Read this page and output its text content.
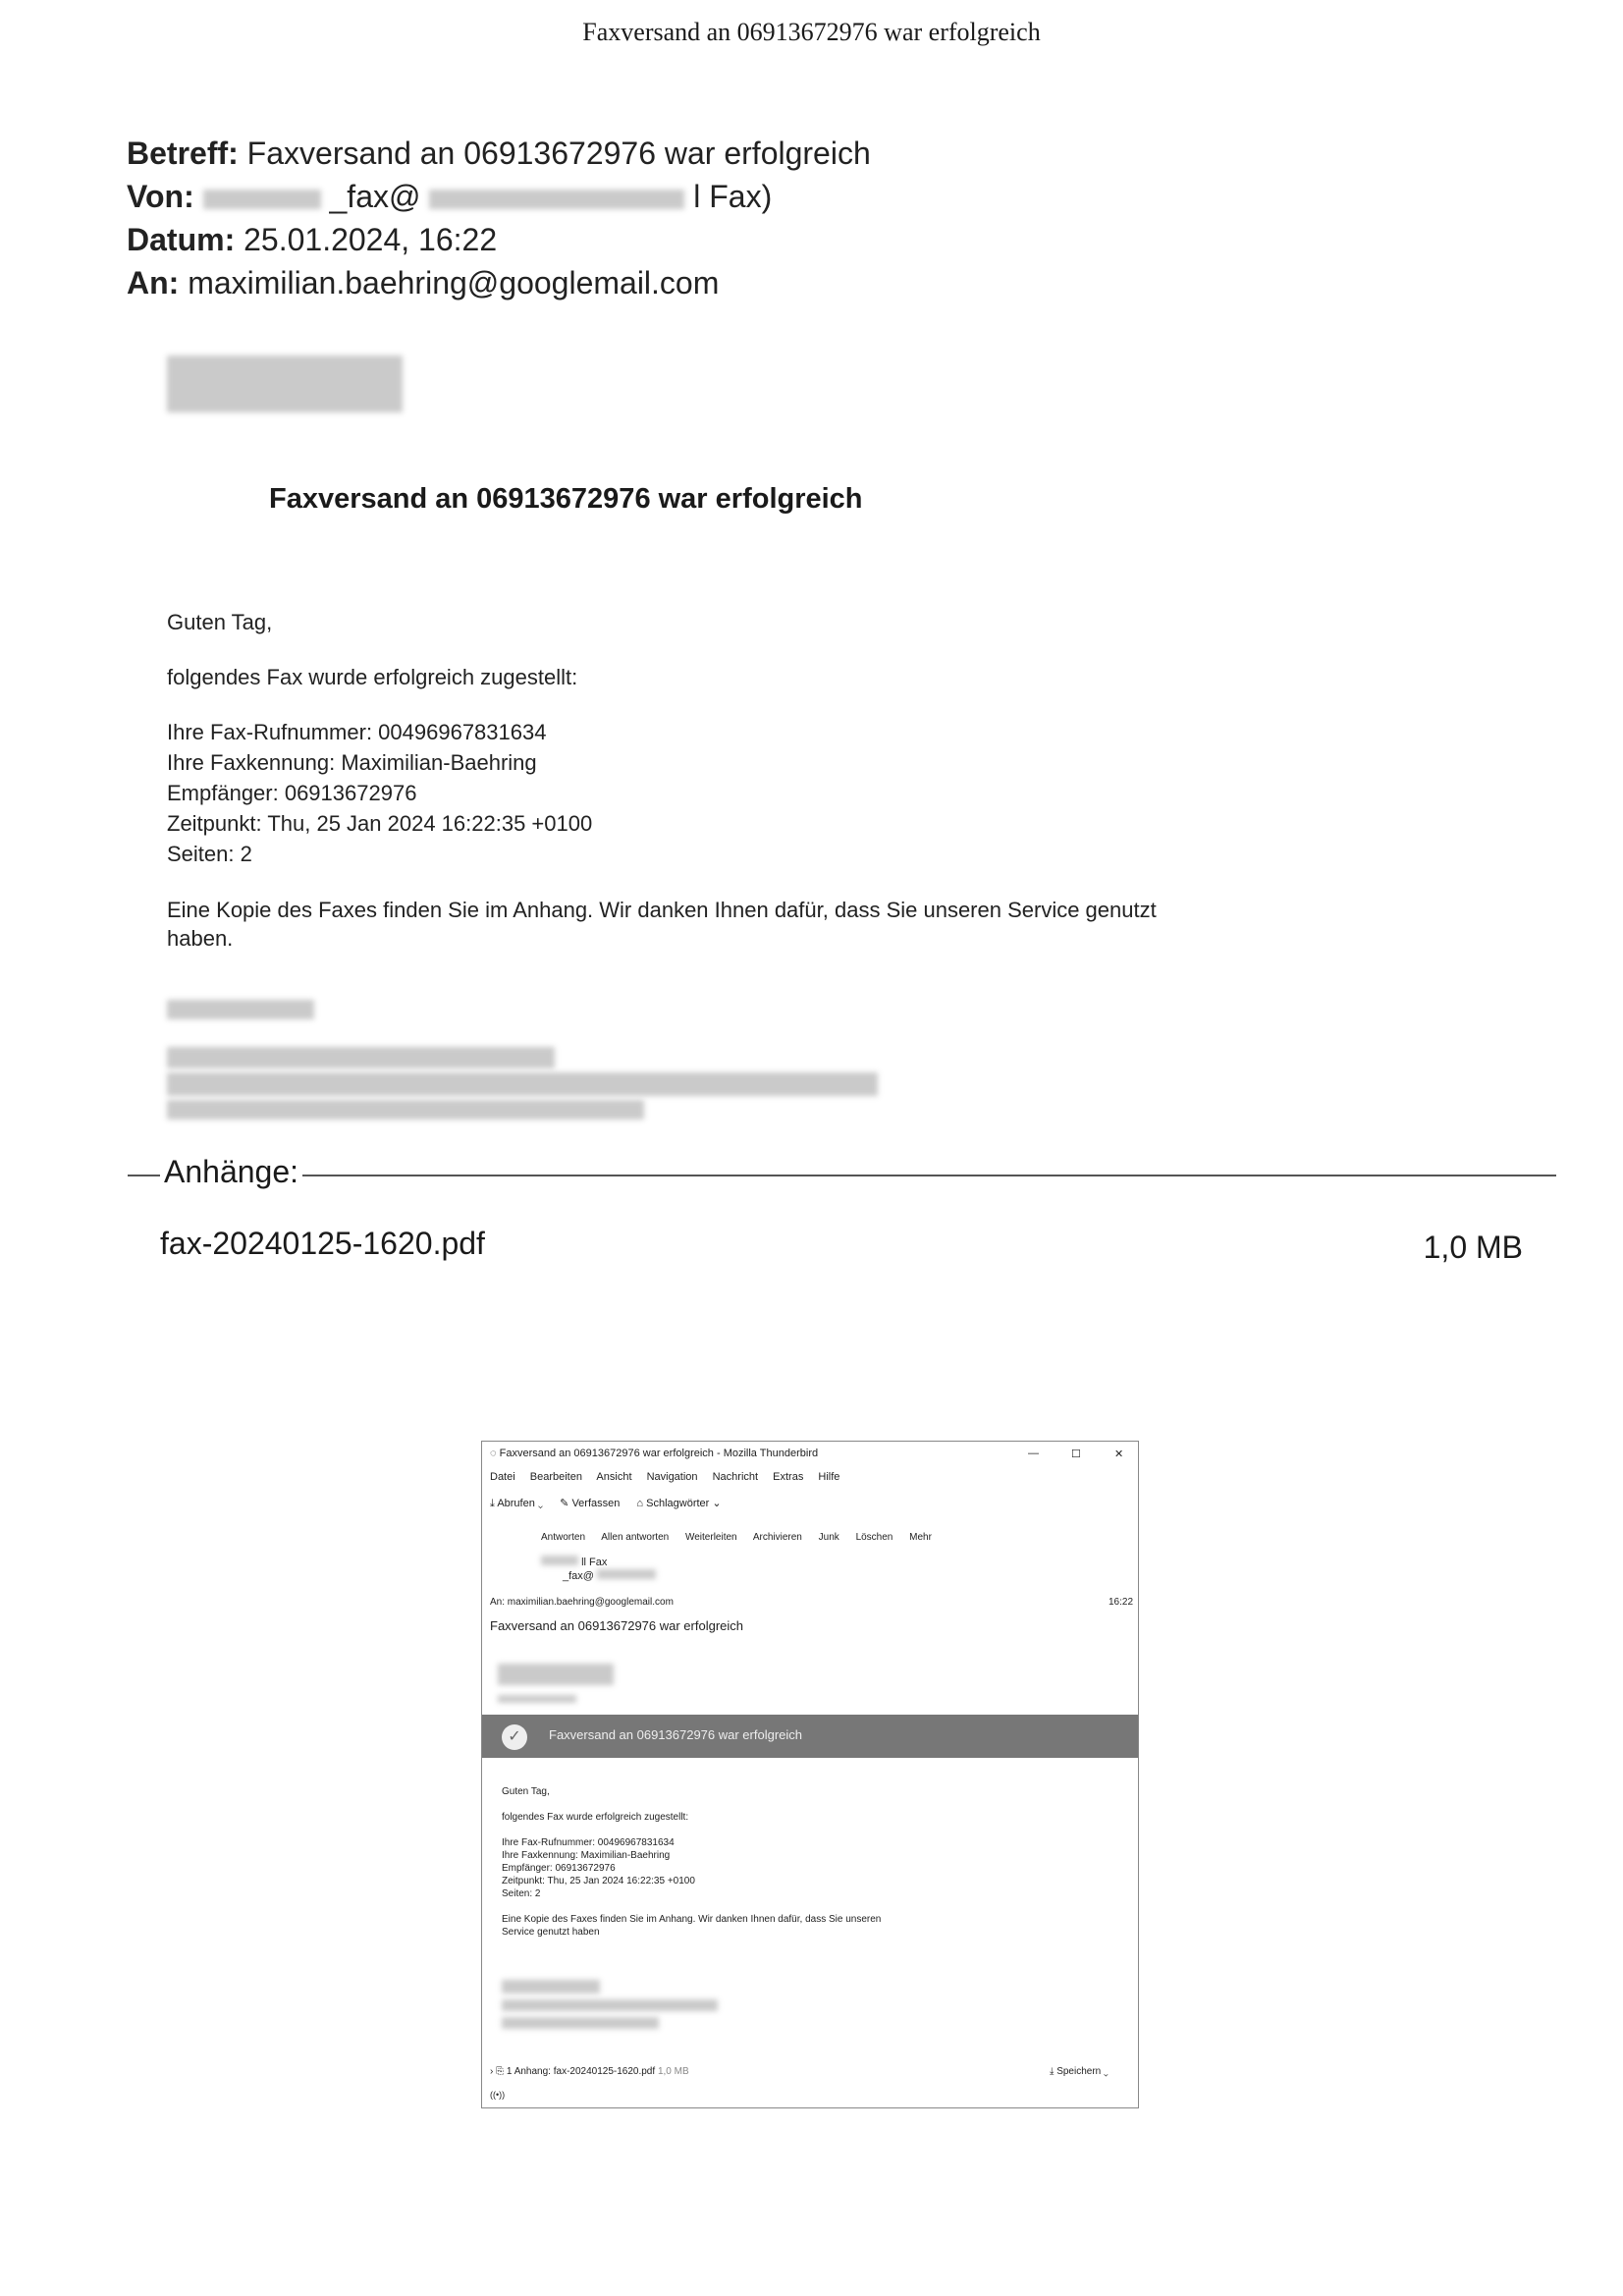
Faxversand an 06913672976 war erfolgreich
Betreff: Faxversand an 06913672976 war erfolgreich
Von:	_fax@	l Fax)
Datum: 25.01.2024, 16:22
An: maximilian.baehring@googlemail.com
Faxversand an 06913672976 war erfolgreich
Guten Tag,
folgendes Fax wurde erfolgreich zugestellt:
Ihre Fax-Rufnummer: 00496967831634
Ihre Faxkennung: Maximilian-Baehring
Empfänger: 06913672976
Zeitpunkt: Thu, 25 Jan 2024 16:22:35 +0100
Seiten: 2
Eine Kopie des Faxes finden Sie im Anhang. Wir danken Ihnen dafür, dass Sie unseren Service genutzt
haben.
Anhänge:
fax-20240125-1620.pdf	1,0 MB
◌ Faxversand an 06913672976 war erfolgreich - Mozilla Thunderbird	—	☐	✕
Datei Bearbeiten Ansicht Navigation Nachricht Extras Hilfe
⤓ Abrufen ⌄ ✎ Verfassen ⌂ Schlagwörter ⌄
Antworten Allen antworten Weiterleiten Archivieren Junk Löschen Mehr
ll Fax
_fax@
An: maximilian.baehring@googlemail.com	16:22
Faxversand an 06913672976 war erfolgreich
✓	Faxversand an 06913672976 war erfolgreich
Guten Tag,
folgendes Fax wurde erfolgreich zugestellt:
Ihre Fax-Rufnummer: 00496967831634
Ihre Faxkennung: Maximilian-Baehring
Empfänger: 06913672976
Zeitpunkt: Thu, 25 Jan 2024 16:22:35 +0100
Seiten: 2
Eine Kopie des Faxes finden Sie im Anhang. Wir danken Ihnen dafür, dass Sie unseren
Service genutzt haben
› ⎘ 1 Anhang: fax-20240125-1620.pdf 1,0 MB	⤓ Speichern ⌄
((•))
